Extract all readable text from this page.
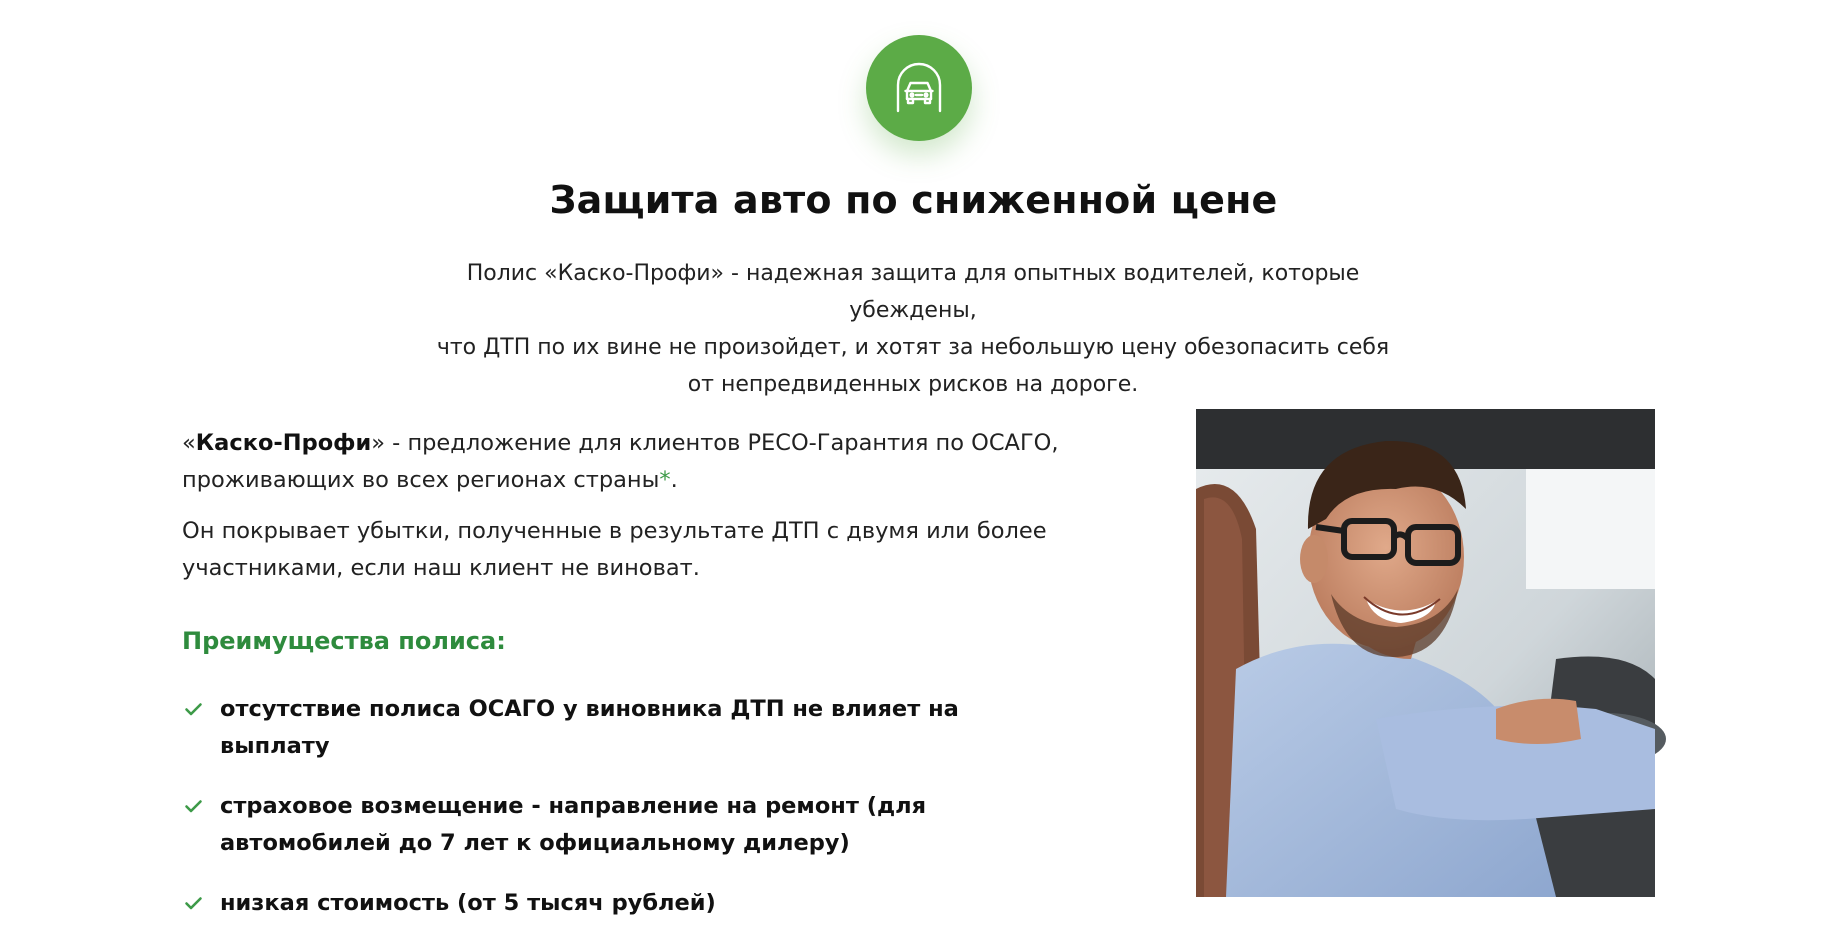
Защита авто по сниженной цене
Полис «Каско-Профи» - надежная защита для опытных водителей, которые убеждены,
что ДТП по их вине не произойдет, и хотят за небольшую цену обезопасить себя
от непредвиденных рисков на дороге.

«Каско-Профи» - предложение для клиентов РЕСО-Гарантия по ОСАГО,
проживающих во всех регионах страны*.

Он покрывает убытки, полученные в результате ДТП с двумя или более
участниками, если наш клиент не виноват.

Преимущества полиса:
отсутствие полиса ОСАГО у виновника ДТП не влияет на выплату
страховое возмещение - направление на ремонт (для
автомобилей до 7 лет к официальному дилеру)
низкая стоимость (от 5 тысяч рублей)
